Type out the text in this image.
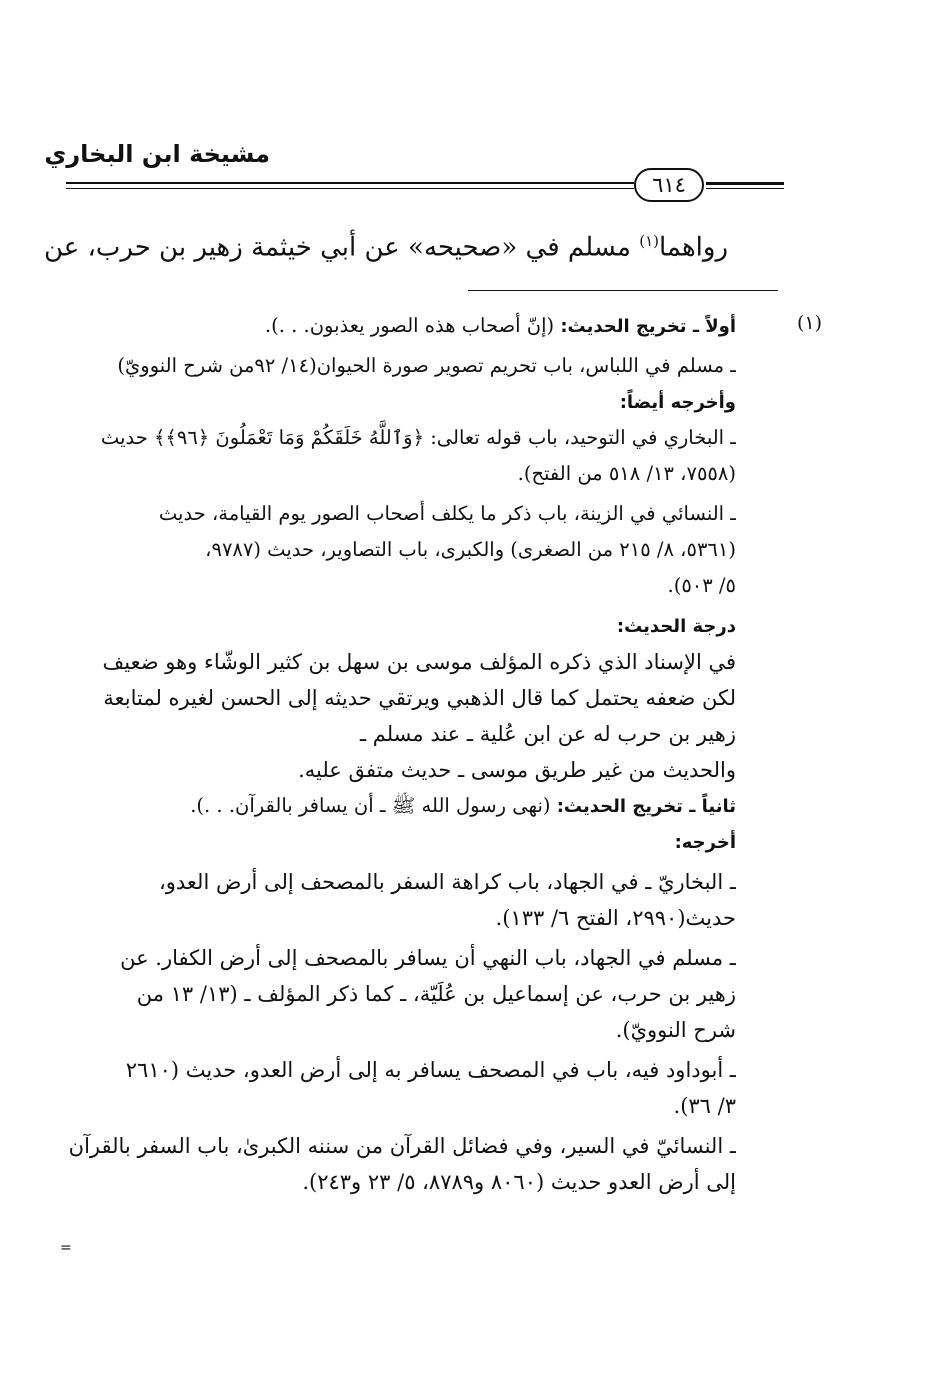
مشيخة ابن البخاري
٦١٤
رواهما$^{(١)}$ مسلم في «صحيحه» عن أبي خيثمة زهير بن حرب، عن
(١)
أولاً ـ تخريج الحديث: (إنّ أصحاب هذه الصور يعذبون. . .).
ـ مسلم في اللباس، باب تحريم تصوير صورة الحيوان(١٤/ ٩٢من شرح النوويّ)
وأخرجه أيضاً:
ـ البخاري في التوحيد، باب قوله تعالى: ﴿وَٱللَّهُ خَلَقَكُمْ وَمَا تَعْمَلُونَ ﴿٩٦﴾﴾ حديث
(٧٥٥٨، ١٣/ ٥١٨ من الفتح).
ـ النسائي في الزينة، باب ذكر ما يكلف أصحاب الصور يوم القيامة، حديث
(٥٣٦١، ٨/ ٢١٥ من الصغرى) والكبرى، باب التصاوير، حديث (٩٧٨٧،
٥/ ٥٠٣).
درجة الحديث:
في الإسناد الذي ذكره المؤلف موسى بن سهل بن كثير الوشّاء وهو ضعيف
لكن ضعفه يحتمل كما قال الذهبي ويرتقي حديثه إلى الحسن لغيره لمتابعة
زهير بن حرب له عن ابن عُلية ـ عند مسلم ـ
والحديث من غير طريق موسى ـ حديث متفق عليه.
ثانياً ـ تخريج الحديث: (نهى رسول الله ﷺ ـ أن يسافر بالقرآن. . .).
أخرجه:
ـ البخاريّ ـ في الجهاد، باب كراهة السفر بالمصحف إلى أرض العدو،
حديث(٢٩٩٠، الفتح ٦/ ١٣٣).
ـ مسلم في الجهاد، باب النهي أن يسافر بالمصحف إلى أرض الكفار. عن
زهير بن حرب، عن إسماعيل بن عُلَيّة، ـ كما ذكر المؤلف ـ (١٣/ ١٣ من
شرح النوويّ).
ـ أبوداود فيه، باب في المصحف يسافر به إلى أرض العدو، حديث (٢٦١٠
٣/ ٣٦).
ـ النسائيّ في السير، وفي فضائل القرآن من سننه الكبرىٰ، باب السفر بالقرآن
إلى أرض العدو حديث (٨٠٦٠ و٨٧٨٩، ٥/ ٢٣ و٢٤٣).
=
